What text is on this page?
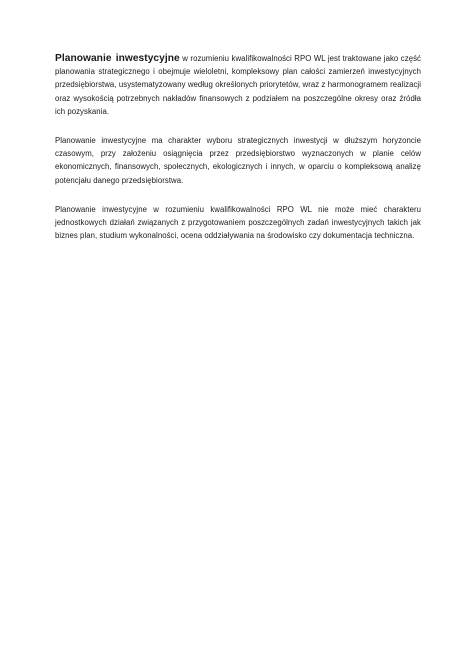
Planowanie inwestycyjne w rozumieniu kwalifikowalności RPO WL jest traktowane jako część planowania strategicznego i obejmuje wieloletni, kompleksowy plan całości zamierzeń inwestycyjnych przedsiębiorstwa, usystematyzowany według określonych priorytetów, wraz z harmonogramem realizacji oraz wysokością potrzebnych nakładów finansowych z podziałem na poszczególne okresy oraz źródła ich pozyskania.

Planowanie inwestycyjne ma charakter wyboru strategicznych inwestycji w dłuższym horyzoncie czasowym, przy założeniu osiągnięcia przez przedsiębiorstwo wyznaczonych w planie celów ekonomicznych, finansowych, społecznych, ekologicznych i innych, w oparciu o kompleksową analizę potencjału danego przedsiębiorstwa.

Planowanie inwestycyjne w rozumieniu kwalifikowalności RPO WL nie może mieć charakteru jednostkowych działań związanych z przygotowaniem poszczególnych zadań inwestycyjnych takich jak biznes plan, studium wykonalności, ocena oddziaływania na środowisko czy dokumentacja techniczna.
